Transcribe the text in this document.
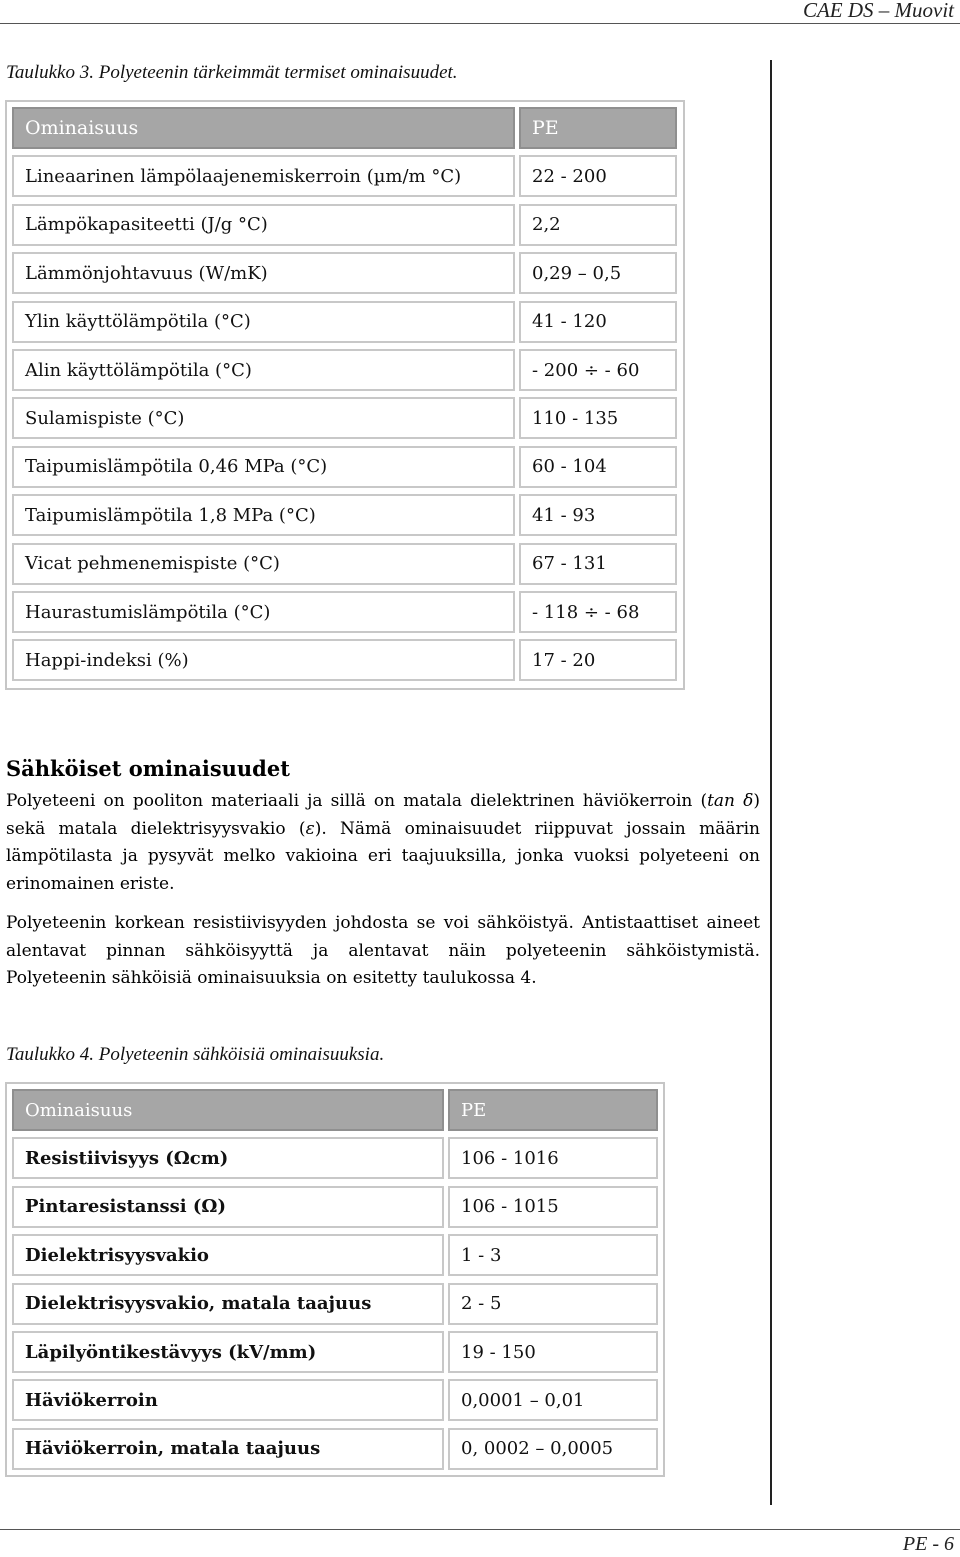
CAE DS – Muovit
Taulukko 3. Polyeteenin tärkeimmät termiset ominaisuudet.
Ominaisuus	PE
Lineaarinen lämpölaajenemiskerroin (µm/m °C)	22 - 200
Lämpökapasiteetti (J/g °C)	2,2
Lämmönjohtavuus (W/mK)	0,29 – 0,5
Ylin käyttölämpötila (°C)	41 - 120
Alin käyttölämpötila (°C)	- 200 ÷ - 60
Sulamispiste (°C)	110 - 135
Taipumislämpötila 0,46 MPa (°C)	60 - 104
Taipumislämpötila 1,8 MPa (°C)	41 - 93
Vicat pehmenemispiste (°C)	67 - 131
Haurastumislämpötila (°C)	- 118 ÷ - 68
Happi-indeksi (%)	17 - 20
Sähköiset ominaisuudet

Polyeteeni on pooliton materiaali ja sillä on matala dielektrinen häviökerroin (tan δ) sekä matala dielektrisyysvakio (ε). Nämä ominaisuudet riippuvat jossain määrin lämpötilasta ja pysyvät melko vakioina eri taajuuksilla, jonka vuoksi polyeteeni on erinomainen eriste.

Polyeteenin korkean resistiivisyyden johdosta se voi sähköistyä. Antistaattiset aineet alentavat pinnan sähköisyyttä ja alentavat näin polyeteenin sähköistymistä. Polyeteenin sähköisiä ominaisuuksia on esitetty taulukossa 4.

Taulukko 4. Polyeteenin sähköisiä ominaisuuksia.
Ominaisuus	PE
Resistiivisyys (Ωcm)	106 - 1016
Pintaresistanssi (Ω)	106 - 1015
Dielektrisyysvakio	1 - 3
Dielektrisyysvakio, matala taajuus	2 - 5
Läpilyöntikestävyys (kV/mm)	19 - 150
Häviökerroin	0,0001 – 0,01
Häviökerroin, matala taajuus	0, 0002 – 0,0005
PE - 6
